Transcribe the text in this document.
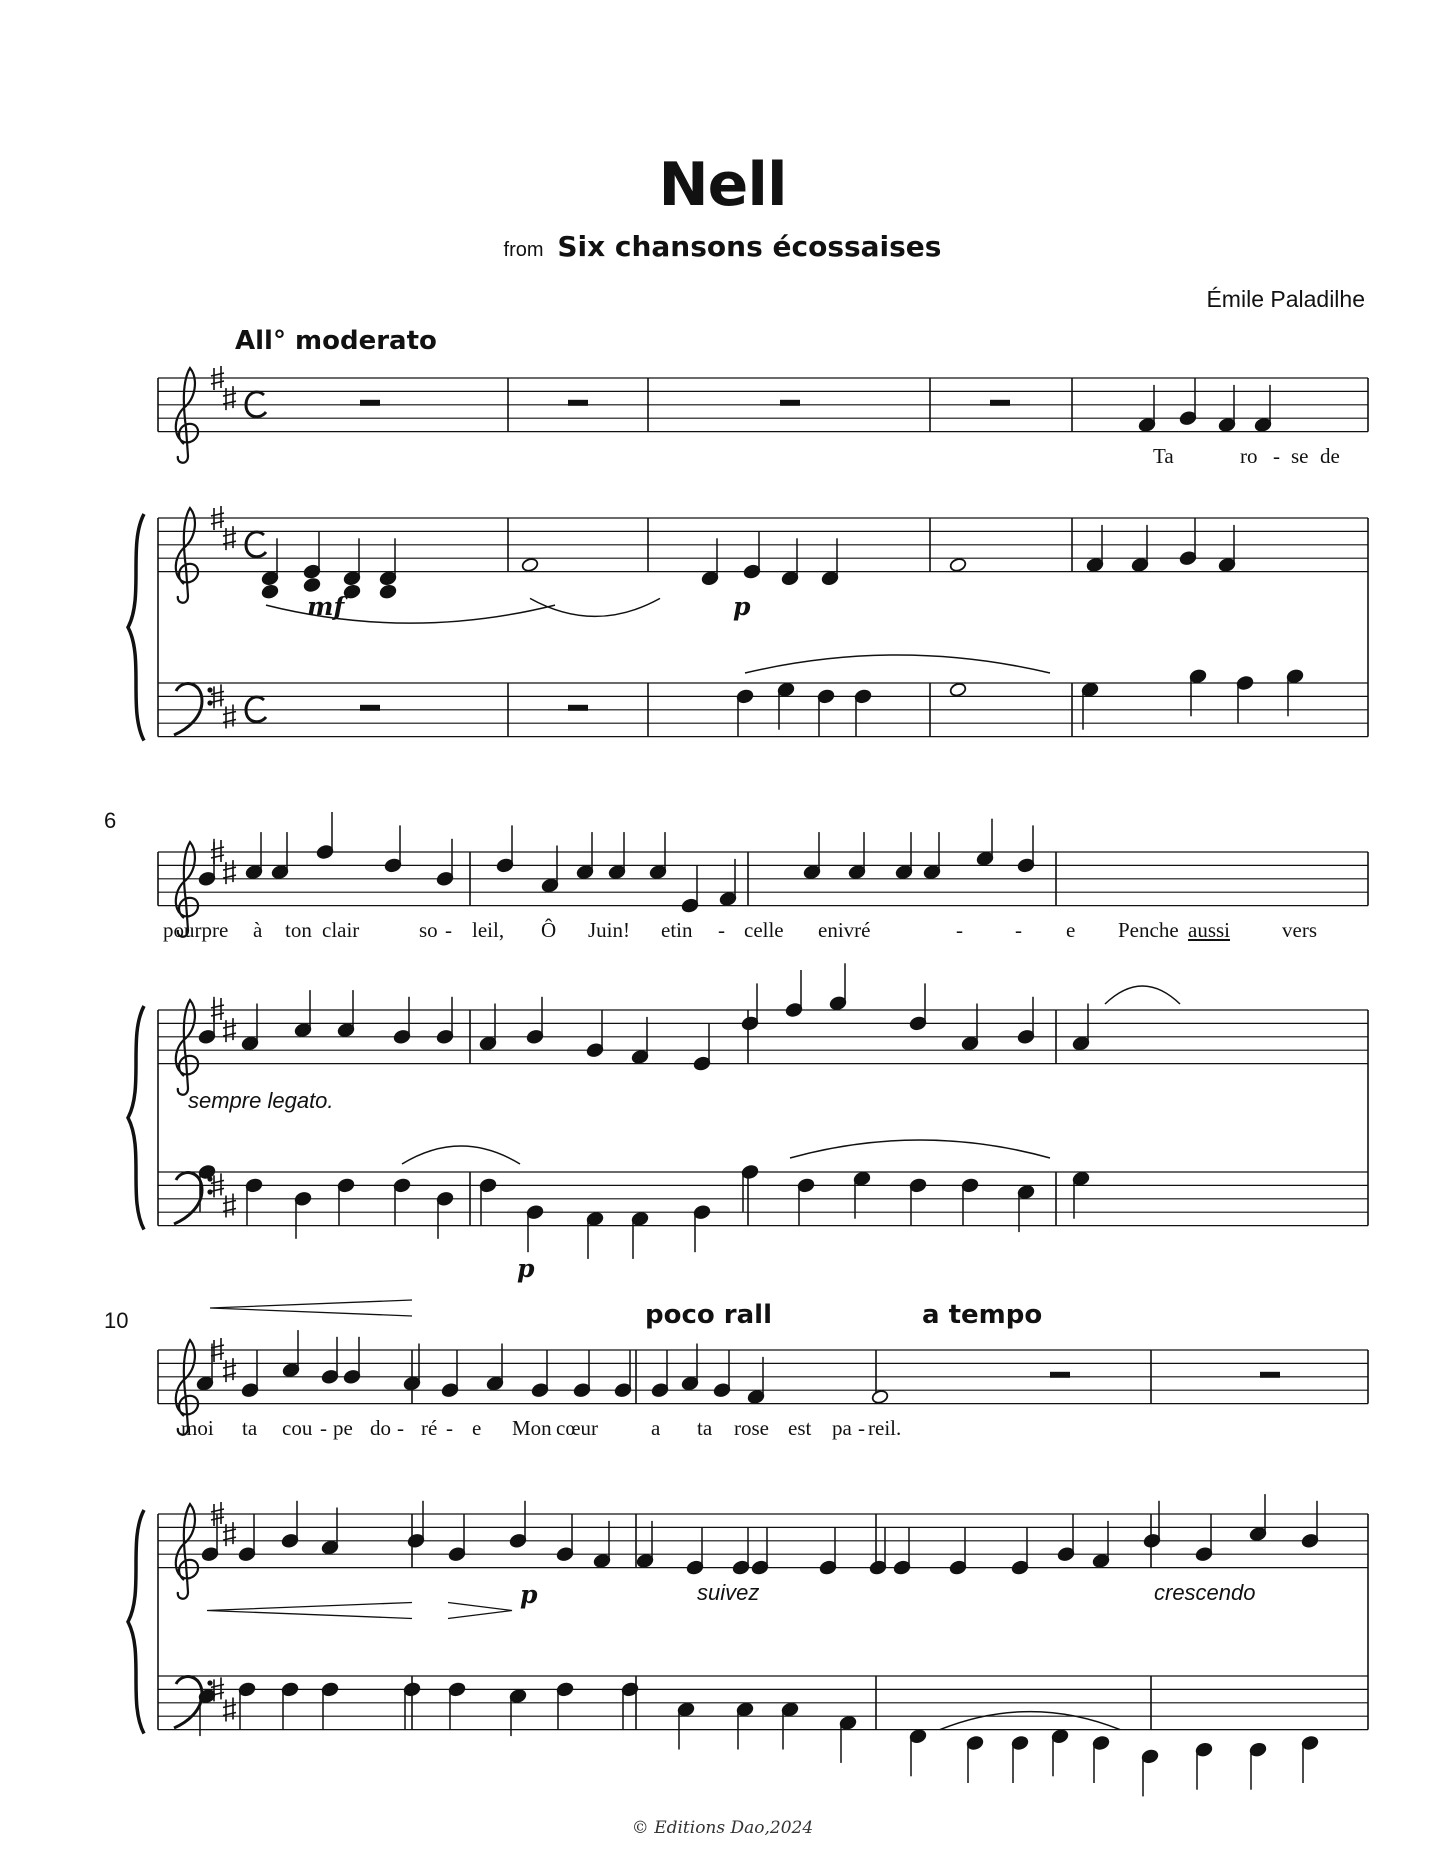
Nell
from Six chansons écossaises
Émile Paladilhe
All° moderato
6
sempre legato.
10	poco rall	a tempo
suivez	crescendo
mf	p
p
p
Ta	ro - se de
pourpre à ton clair	so - leil, Ô Juin! etin - celle enivré	- - e Penche aussi vers
moi ta cou - pe do - ré - e Mon cœur	a ta rose est pa - reil.
© Editions Dao,2024
